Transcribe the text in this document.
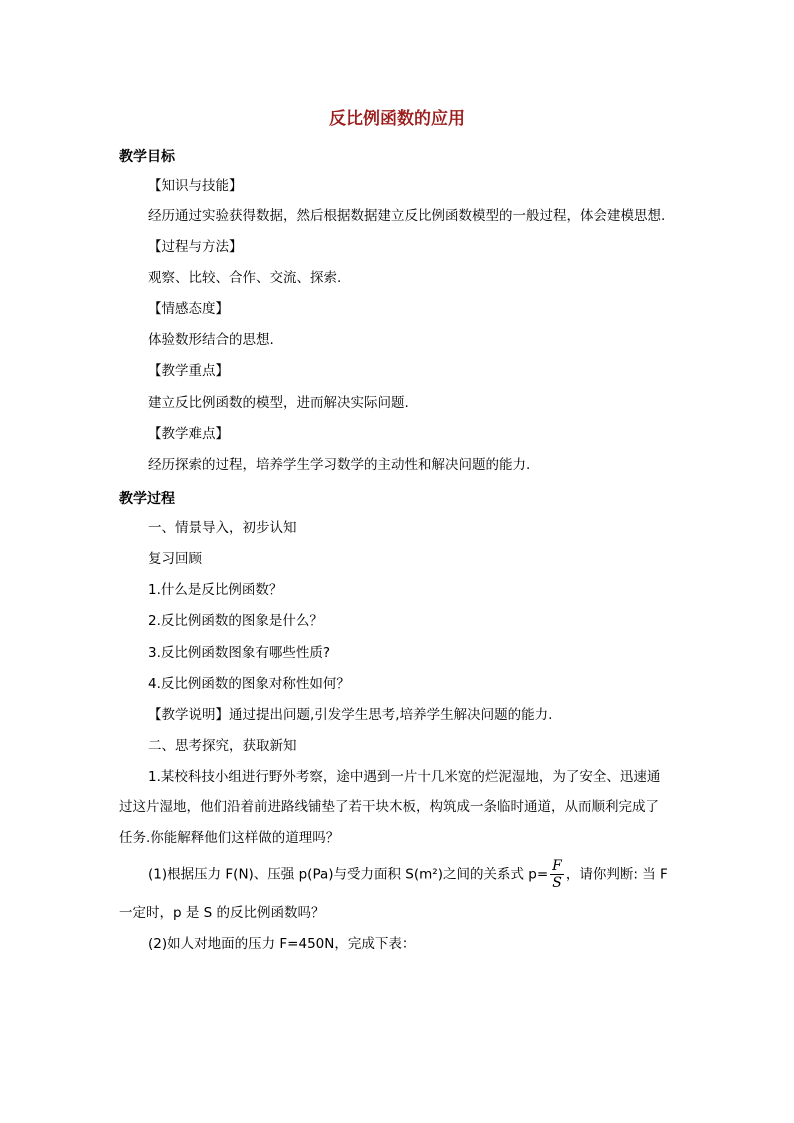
反比例函数的应用
教学目标
【知识与技能】
经历通过实验获得数据，然后根据数据建立反比例函数模型的一般过程，体会建模思想.
【过程与方法】
观察、比较、合作、交流、探索.
【情感态度】
体验数形结合的思想.
【教学重点】
建立反比例函数的模型，进而解决实际问题.
【教学难点】
经历探索的过程，培养学生学习数学的主动性和解决问题的能力.
教学过程
一、情景导入，初步认知
复习回顾
1.什么是反比例函数？
2.反比例函数的图象是什么？
3.反比例函数图象有哪些性质?
4.反比例函数的图象对称性如何？
【教学说明】通过提出问题,引发学生思考,培养学生解决问题的能力.
二、思考探究，获取新知
1.某校科技小组进行野外考察，途中遇到一片十几米宽的烂泥湿地，为了安全、迅速通
过这片湿地，他们沿着前进路线铺垫了若干块木板，构筑成一条临时通道，从而顺利完成了
任务.你能解释他们这样做的道理吗？
(1)根据压力 F(N)、压强 p(Pa)与受力面积 S(m²)之间的关系式 $p= \frac{F}{S}$ ，请你判断: 当 F
一定时，p 是 S 的反比例函数吗？
(2)如人对地面的压力 F=450N，完成下表：
